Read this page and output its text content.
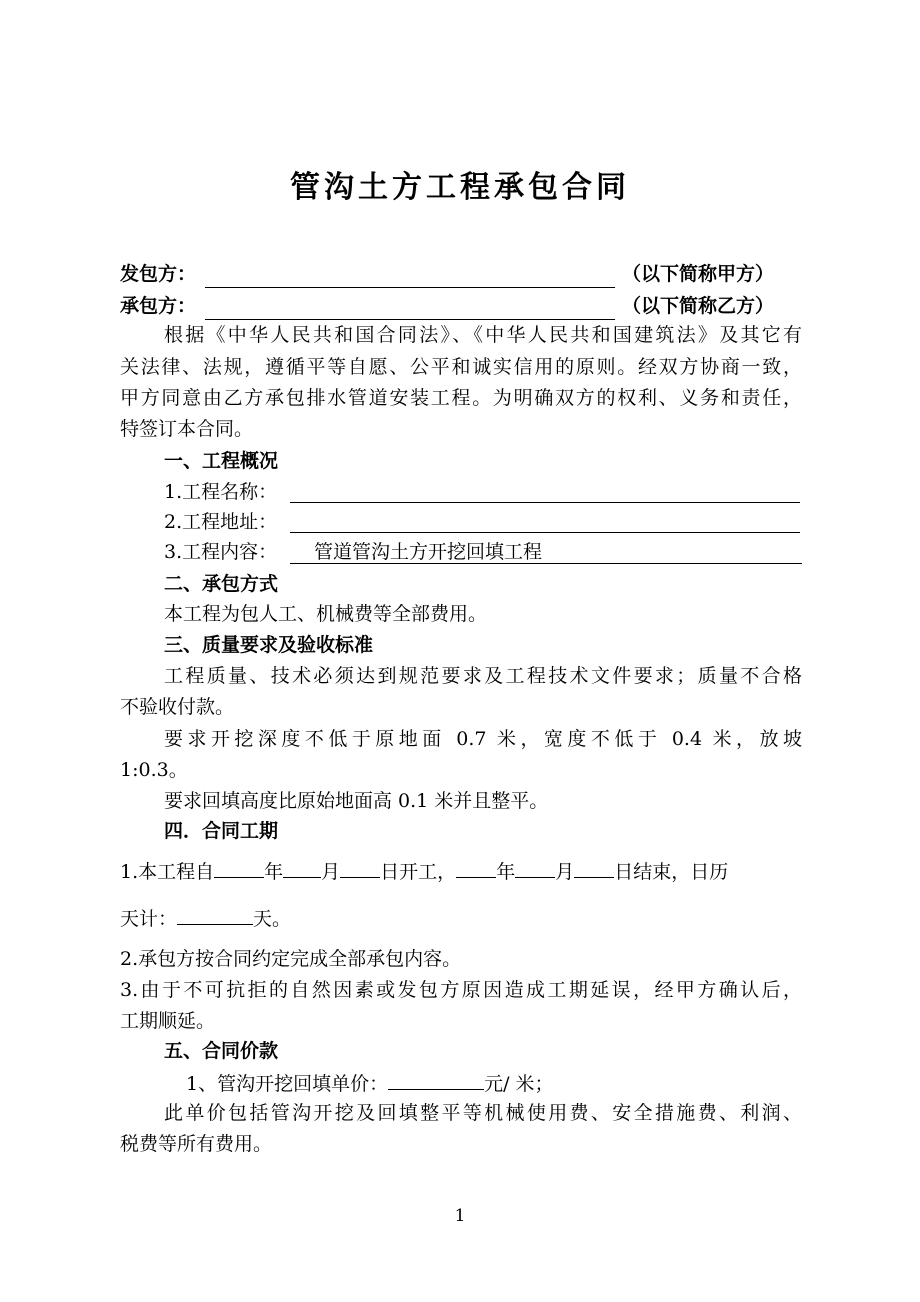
管沟土方工程承包合同
发包方：	（以下简称甲方）
承包方：	（以下简称乙方）
根据《中华人民共和国合同法》、《中华人民共和国建筑法》及其它有
关法律、法规，遵循平等自愿、公平和诚实信用的原则。经双方协商一致，
甲方同意由乙方承包排水管道安装工程。为明确双方的权利、义务和责任，
特签订本合同。
一、工程概况
1.工程名称：
2.工程地址：
3.工程内容： 管道管沟土方开挖回填工程
二、承包方式
本工程为包人工、机械费等全部费用。
三、质量要求及验收标准
工程质量、技术必须达到规范要求及工程技术文件要求；质量不合格
不验收付款。
要求开挖深度不低于原地面 0.7 米，宽度不低于 0.4 米，放坡
1:0.3。
要求回填高度比原始地面高 0.1 米并且整平。
四．合同工期
1.本工程自	年 月 日开工， 年 月 日结束，日历
天计：	天。
2.承包方按合同约定完成全部承包内容。
3.由于不可抗拒的自然因素或发包方原因造成工期延误，经甲方确认后，
工期顺延。
五、合同价款
1、管沟开挖回填单价：	元/ 米；
此单价包括管沟开挖及回填整平等机械使用费、安全措施费、利润、
税费等所有费用。
1
